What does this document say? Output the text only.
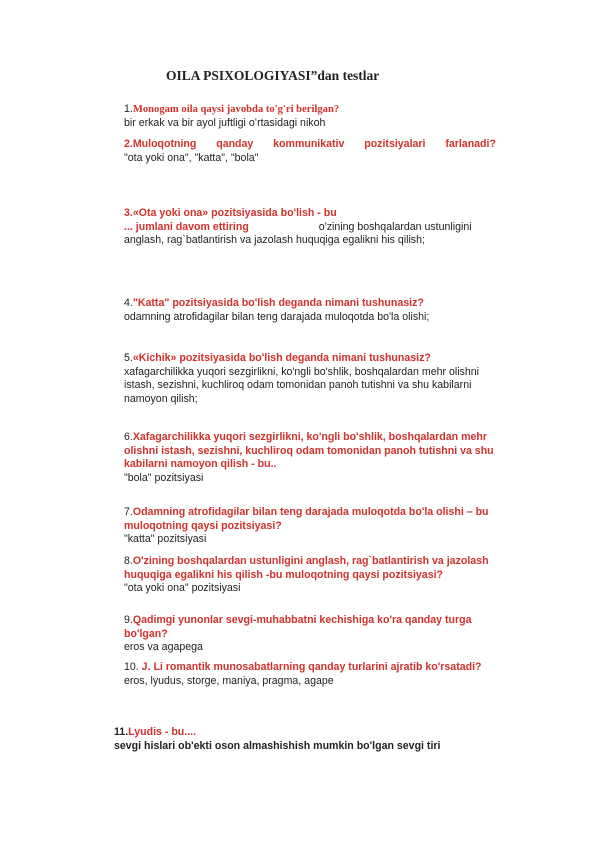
OILA PSIXOLOGIYASI”dan testlar
1.Monogam oila qaysi javobda to'g'ri berilgan?
bir erkak va bir ayol juftligi oʻrtasidagi nikoh
2.Muloqotning qanday kommunikativ pozitsiyalari farlanadi?
"ota yoki ona", "katta", "bola"
3.«Ota yoki ona» pozitsiyasida bo'lish - bu
... jumlani davom ettiring	o'zining boshqalardan ustunligini
anglash, rag`batlantirish va jazolash huquqiga egalikni his qilish;
4."Katta" pozitsiyasida bo'lish deganda nimani tushunasiz?
odamning atrofidagilar bilan teng darajada muloqotda bo'la olishi;
5.«Kichik» pozitsiyasida bo'lish deganda nimani tushunasiz?
xafagarchilikka yuqori sezgirlikni, ko'ngli bo'shlik, boshqalardan mehr olishni
istash, sezishni, kuchliroq odam tomonidan panoh tutishni va shu kabilarni
namoyon qilish;
6.Xafagarchilikka yuqori sezgirlikni, ko'ngli bo'shlik, boshqalardan mehr
olishni istash, sezishni, kuchliroq odam tomonidan panoh tutishni va shu
kabilarni namoyon qilish - bu..
"bola" pozitsiyasi
7.Odamning atrofidagilar bilan teng darajada muloqotda bo'la olishi – bu
muloqotning qaysi pozitsiyasi?
"katta" pozitsiyasi
8.O'zining boshqalardan ustunligini anglash, rag`batlantirish va jazolash
huquqiga egalikni his qilish -bu muloqotning qaysi pozitsiyasi?
"ota yoki ona" pozitsiyasi
9.Qadimgi yunonlar sevgi-muhabbatni kechishiga ko'ra qanday turga
bo'lgan?
eros va agapega
10. J. Li romantik munosabatlarning qanday turlarini ajratib ko'rsatadi?
eros, lyudus, storge, maniya, pragma, agape
11.Lyudis - bu....
sevgi hislari ob'ekti oson almashishish mumkin bo'lgan sevgi tiri
